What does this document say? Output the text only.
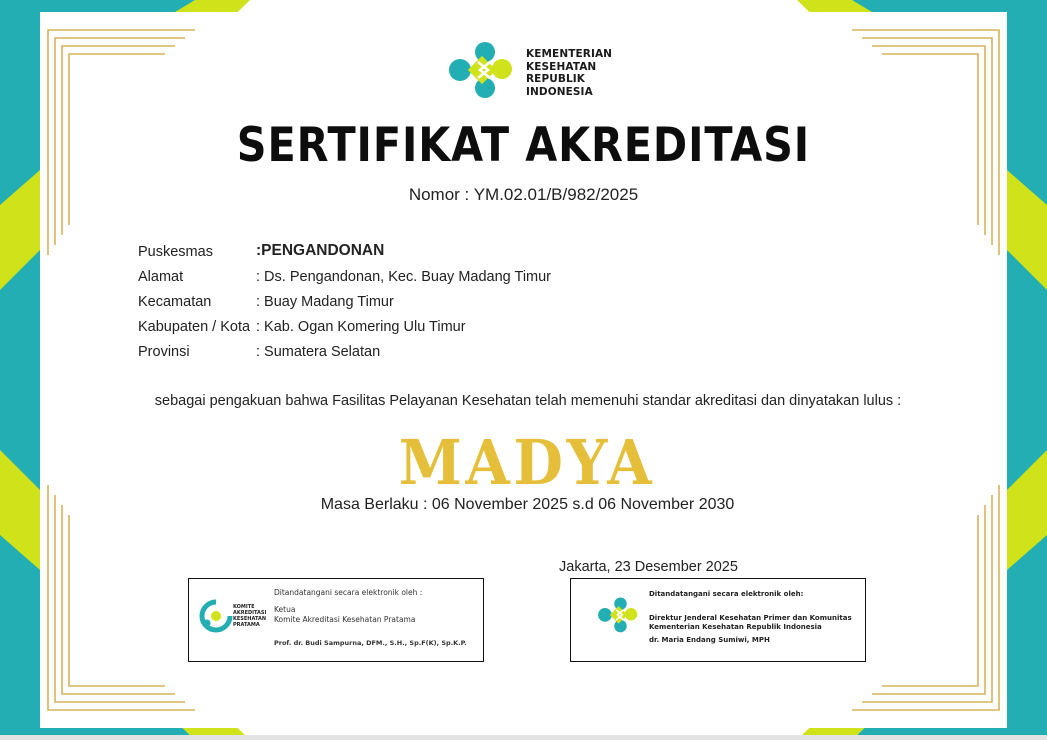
KEMENTERIAN
KESEHATAN
REPUBLIK
INDONESIA
SERTIFIKAT AKREDITASI
Nomor : YM.02.01/B/982/2025
Puskesmas	:PENGANDONAN
Alamat	: Ds. Pengandonan, Kec. Buay Madang Timur
Kecamatan	: Buay Madang Timur
Kabupaten / Kota : Kab. Ogan Komering Ulu Timur
Provinsi	: Sumatera Selatan
sebagai pengakuan bahwa Fasilitas Pelayanan Kesehatan telah memenuhi standar akreditasi dan dinyatakan lulus :
MADYA
Masa Berlaku : 06 November 2025 s.d 06 November 2030
Jakarta, 23 Desember 2025
KOMITE
AKREDITASI
KESEHATAN
PRATAMA
Ditandatangani secara elektronik oleh :
Ketua
Komite Akreditasi Kesehatan Pratama
Prof. dr. Budi Sampurna, DFM., S.H., Sp.F(K), Sp.K.P.
Ditandatangani secara elektronik oleh:
Direktur Jenderal Kesehatan Primer dan Komunitas
Kementerian Kesehatan Republik Indonesia
dr. Maria Endang Sumiwi, MPH
